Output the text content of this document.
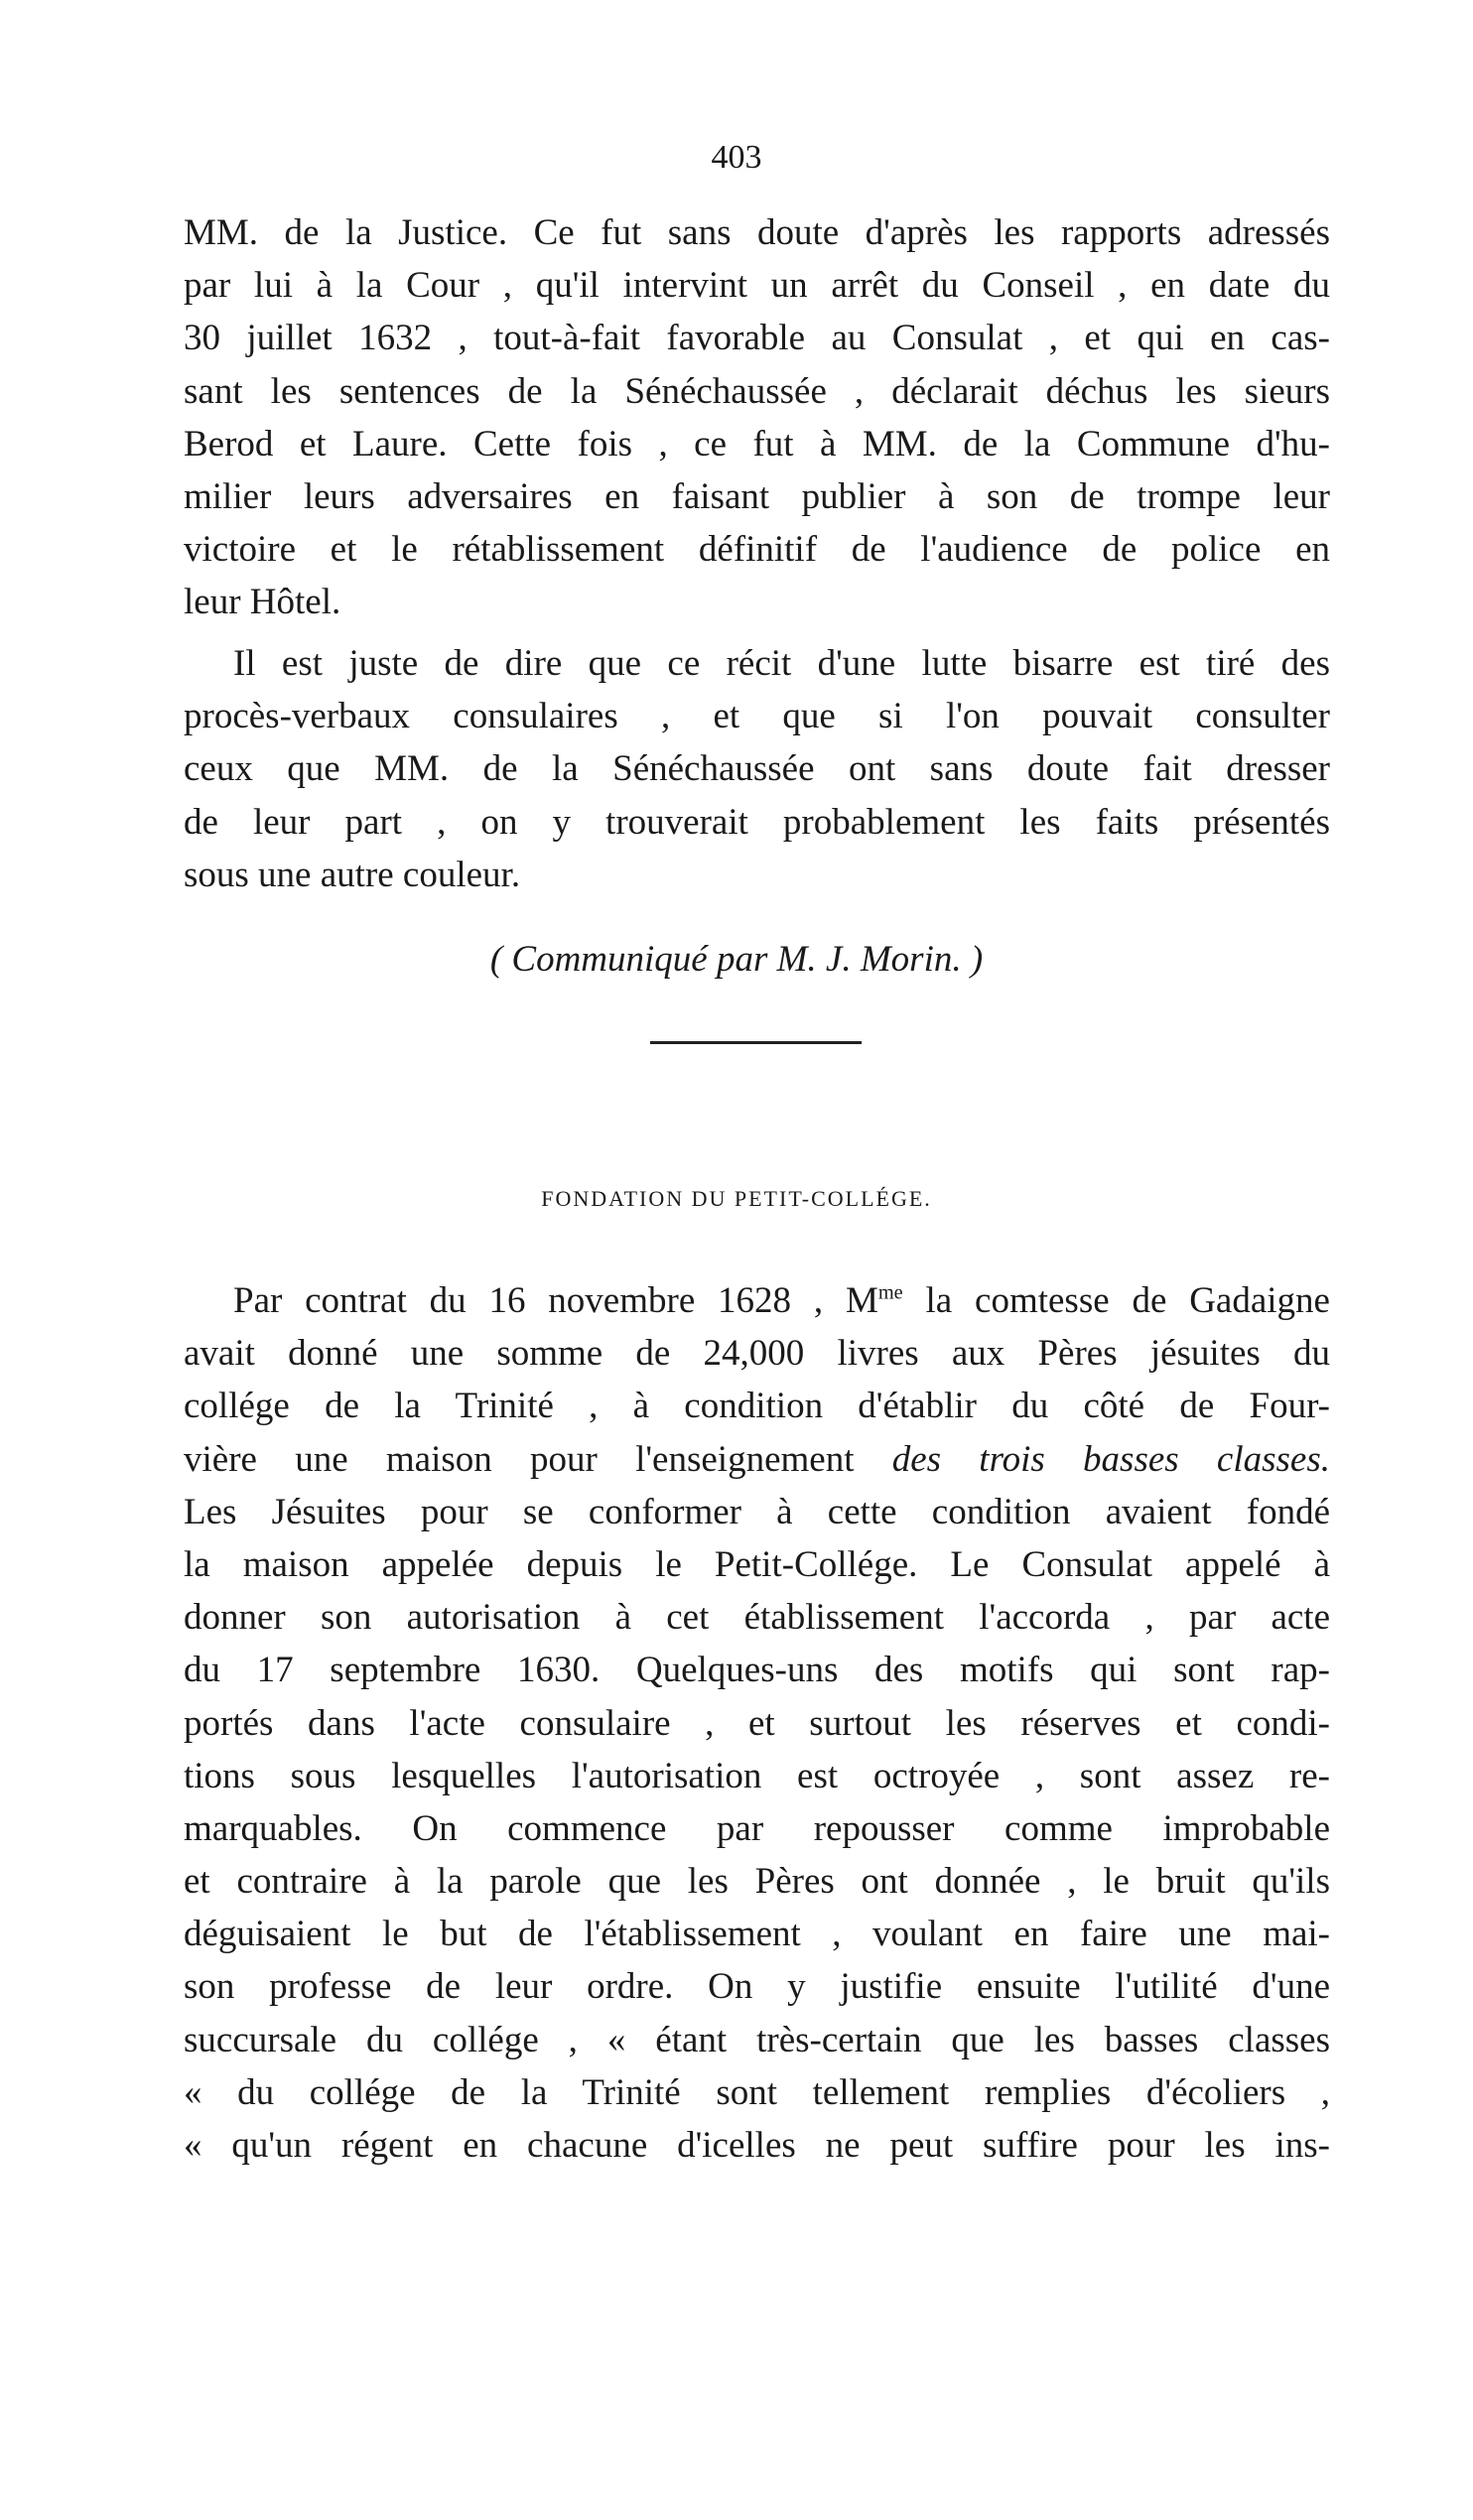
403
MM. de la Justice. Ce fut sans doute d'après les rapports adressés
par lui à la Cour , qu'il intervint un arrêt du Conseil , en date du
30 juillet 1632 , tout-à-fait favorable au Consulat , et qui en cas-
sant les sentences de la Sénéchaussée , déclarait déchus les sieurs
Berod et Laure. Cette fois , ce fut à MM. de la Commune d'hu-
milier leurs adversaires en faisant publier à son de trompe leur
victoire et le rétablissement définitif de l'audience de police en
leur Hôtel.
Il est juste de dire que ce récit d'une lutte bisarre est tiré des
procès-verbaux consulaires , et que si l'on pouvait consulter
ceux que MM. de la Sénéchaussée ont sans doute fait dresser
de leur part , on y trouverait probablement les faits présentés
sous une autre couleur.
( Communiqué par M. J. Morin. )
FONDATION DU PETIT-COLLÉGE.
Par contrat du 16 novembre 1628 , $M^{me}$ la comtesse de Gadaigne
avait donné une somme de 24,000 livres aux Pères jésuites du
collége de la Trinité , à condition d'établir du côté de Four-
vière une maison pour l'enseignement des trois basses classes.
Les Jésuites pour se conformer à cette condition avaient fondé
la maison appelée depuis le Petit-Collége. Le Consulat appelé à
donner son autorisation à cet établissement l'accorda , par acte
du 17 septembre 1630. Quelques-uns des motifs qui sont rap-
portés dans l'acte consulaire , et surtout les réserves et condi-
tions sous lesquelles l'autorisation est octroyée , sont assez re-
marquables. On commence par repousser comme improbable
et contraire à la parole que les Pères ont donnée , le bruit qu'ils
déguisaient le but de l'établissement , voulant en faire une mai-
son professe de leur ordre. On y justifie ensuite l'utilité d'une
succursale du collége , « étant très-certain que les basses classes
« du collége de la Trinité sont tellement remplies d'écoliers ,
« qu'un régent en chacune d'icelles ne peut suffire pour les ins-
